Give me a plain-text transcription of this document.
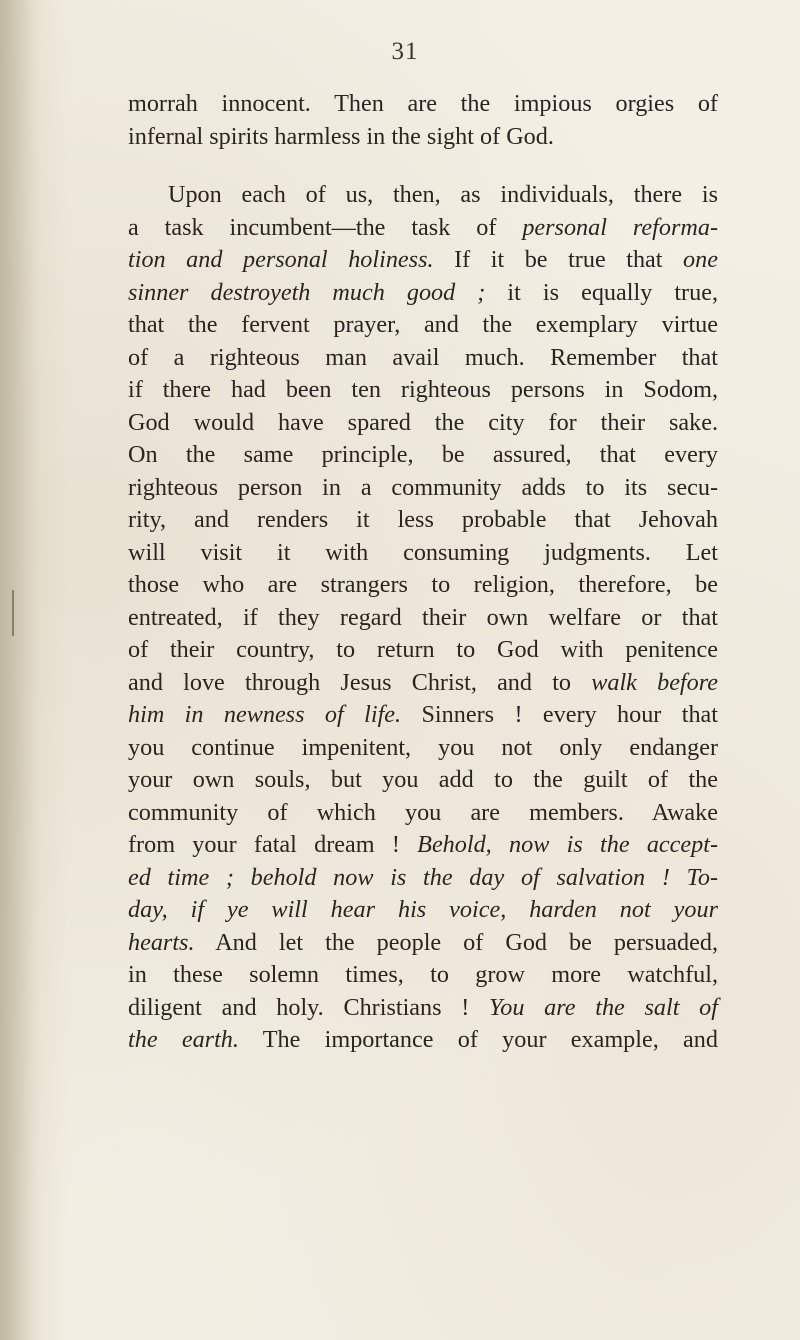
31
morrah innocent. Then are the impious orgies of
infernal spirits harmless in the sight of God.
Upon each of us, then, as individuals, there is
a task incumbent—the task of personal reforma-
tion and personal holiness. If it be true that one
sinner destroyeth much good ; it is equally true,
that the fervent prayer, and the exemplary virtue
of a righteous man avail much. Remember that
if there had been ten righteous persons in Sodom,
God would have spared the city for their sake.
On the same principle, be assured, that every
righteous person in a community adds to its secu-
rity, and renders it less probable that Jehovah
will visit it with consuming judgments. Let
those who are strangers to religion, therefore, be
entreated, if they regard their own welfare or that
of their country, to return to God with penitence
and love through Jesus Christ, and to walk before
him in newness of life. Sinners ! every hour that
you continue impenitent, you not only endanger
your own souls, but you add to the guilt of the
community of which you are members. Awake
from your fatal dream ! Behold, now is the accept-
ed time ; behold now is the day of salvation ! To-
day, if ye will hear his voice, harden not your
hearts. And let the people of God be persuaded,
in these solemn times, to grow more watchful,
diligent and holy. Christians ! You are the salt of
the earth. The importance of your example, and
